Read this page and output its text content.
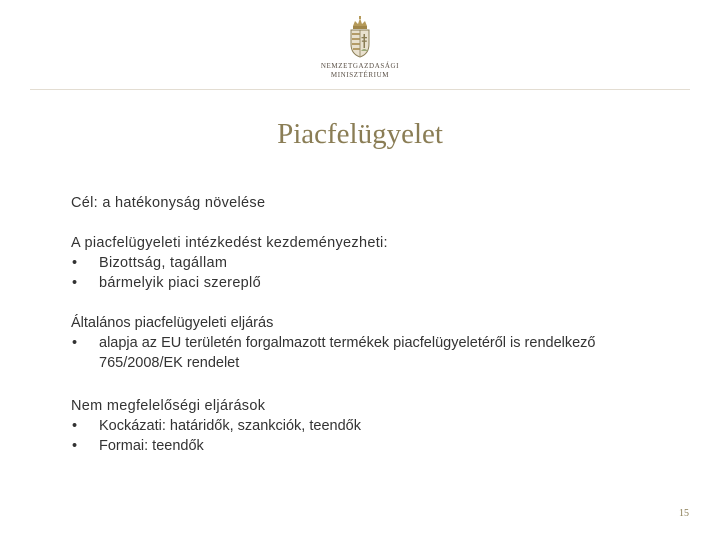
NEMZETGAZDASÁGI
MINISZTÉRIUM
Piacfelügyelet
Cél: a hatékonyság növelése
A piacfelügyeleti intézkedést kezdeményezheti:
• Bizottság, tagállam
• bármelyik piaci szereplő
Általános piacfelügyeleti eljárás
• alapja az EU területén forgalmazott termékek piacfelügyeletéről is rendelkező 765/2008/EK rendelet
Nem megfelelőségi eljárások
• Kockázati: határidők, szankciók, teendők
• Formai: teendők
15
